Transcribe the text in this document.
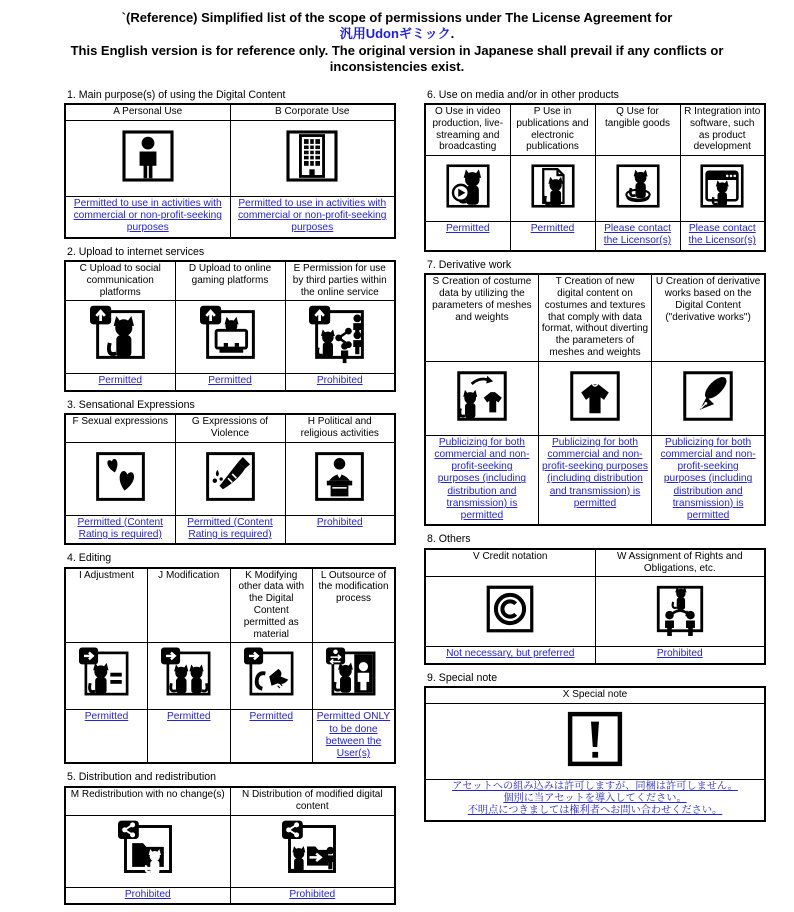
`(Reference) Simplified list of the scope of permissions under The License Agreement for
汎用Udonギミック.
This English version is for reference only. The original version in Japanese shall prevail if any conflicts or inconsistencies exist.
1. Main purpose(s) of using the Digital Content
A Personal Use	B Corporate Use

Permitted to use in activities with commercial or non-profit-seeking purposes	Permitted to use in activities with commercial or non-profit-seeking purposes
2. Upload to internet services
C Upload to social communication platforms	D Upload to online gaming platforms	E Permission for use by third parties within the online service

Permitted	Permitted	Prohibited
3. Sensational Expressions
F Sexual expressions	G Expressions of Violence	H Political and religious activities

Permitted (Content Rating is required)	Permitted (Content Rating is required)	Prohibited
4. Editing
I Adjustment	J Modification	K Modifying other data with the Digital Content permitted as material	L Outsource of the modification process

Permitted	Permitted	Permitted	Permitted ONLY to be done between the User(s)
5. Distribution and redistribution
M Redistribution with no change(s)	N Distribution of modified digital content

Prohibited	Prohibited
6. Use on media and/or in other products
O Use in video production, live-streaming and broadcasting	P Use in publications and electronic publications	Q Use for tangible goods	R Integration into software, such as product development

Permitted	Permitted	Please contact the Licensor(s)	Please contact the Licensor(s)
7. Derivative work
S Creation of costume data by utilizing the parameters of meshes and weights	T Creation of new digital content on costumes and textures that comply with data format, without diverting the parameters of meshes and weights	U Creation of derivative works based on the Digital Content ("derivative works")

Publicizing for both commercial and non-profit-seeking purposes (including distribution and transmission) is permitted	Publicizing for both commercial and non-profit-seeking purposes (including distribution and transmission) is permitted	Publicizing for both commercial and non-profit-seeking purposes (including distribution and transmission) is permitted
8. Others
V Credit notation	W Assignment of Rights and Obligations, etc.

Not necessary, but preferred	Prohibited
9. Special note
X Special note

アセットへの組み込みは許可しますが、同梱は許可しません。
個別に当アセットを導入してください。
不明点につきましては権利者へお問い合わせください。
